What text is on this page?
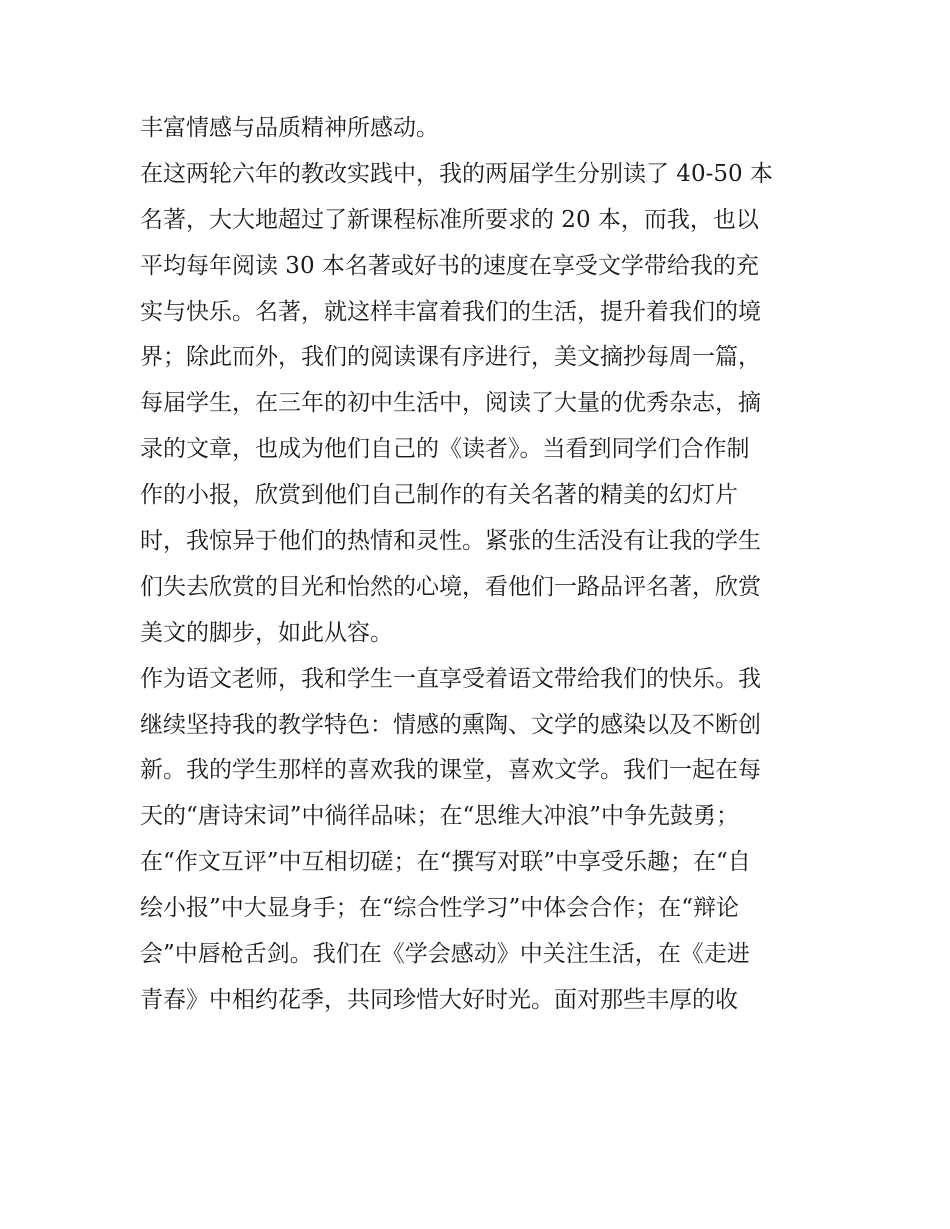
丰富情感与品质精神所感动。
在这两轮六年的教改实践中，我的两届学生分别读了 40-50 本
名著，大大地超过了新课程标准所要求的 20 本，而我，也以
平均每年阅读 30 本名著或好书的速度在享受文学带给我的充
实与快乐。名著，就这样丰富着我们的生活，提升着我们的境
界；除此而外，我们的阅读课有序进行，美文摘抄每周一篇，
每届学生，在三年的初中生活中，阅读了大量的优秀杂志，摘
录的文章，也成为他们自己的《读者》。当看到同学们合作制
作的小报，欣赏到他们自己制作的有关名著的精美的幻灯片
时，我惊异于他们的热情和灵性。紧张的生活没有让我的学生
们失去欣赏的目光和怡然的心境，看他们一路品评名著，欣赏
美文的脚步，如此从容。
作为语文老师，我和学生一直享受着语文带给我们的快乐。我
继续坚持我的教学特色：情感的熏陶、文学的感染以及不断创
新。我的学生那样的喜欢我的课堂，喜欢文学。我们一起在每
天的“唐诗宋词”中徜徉品味；在“思维大冲浪”中争先鼓勇；
在“作文互评”中互相切磋；在“撰写对联”中享受乐趣；在“自
绘小报”中大显身手；在“综合性学习”中体会合作；在“辩论
会”中唇枪舌剑。我们在《学会感动》中关注生活，在《走进
青春》中相约花季，共同珍惜大好时光。面对那些丰厚的收
